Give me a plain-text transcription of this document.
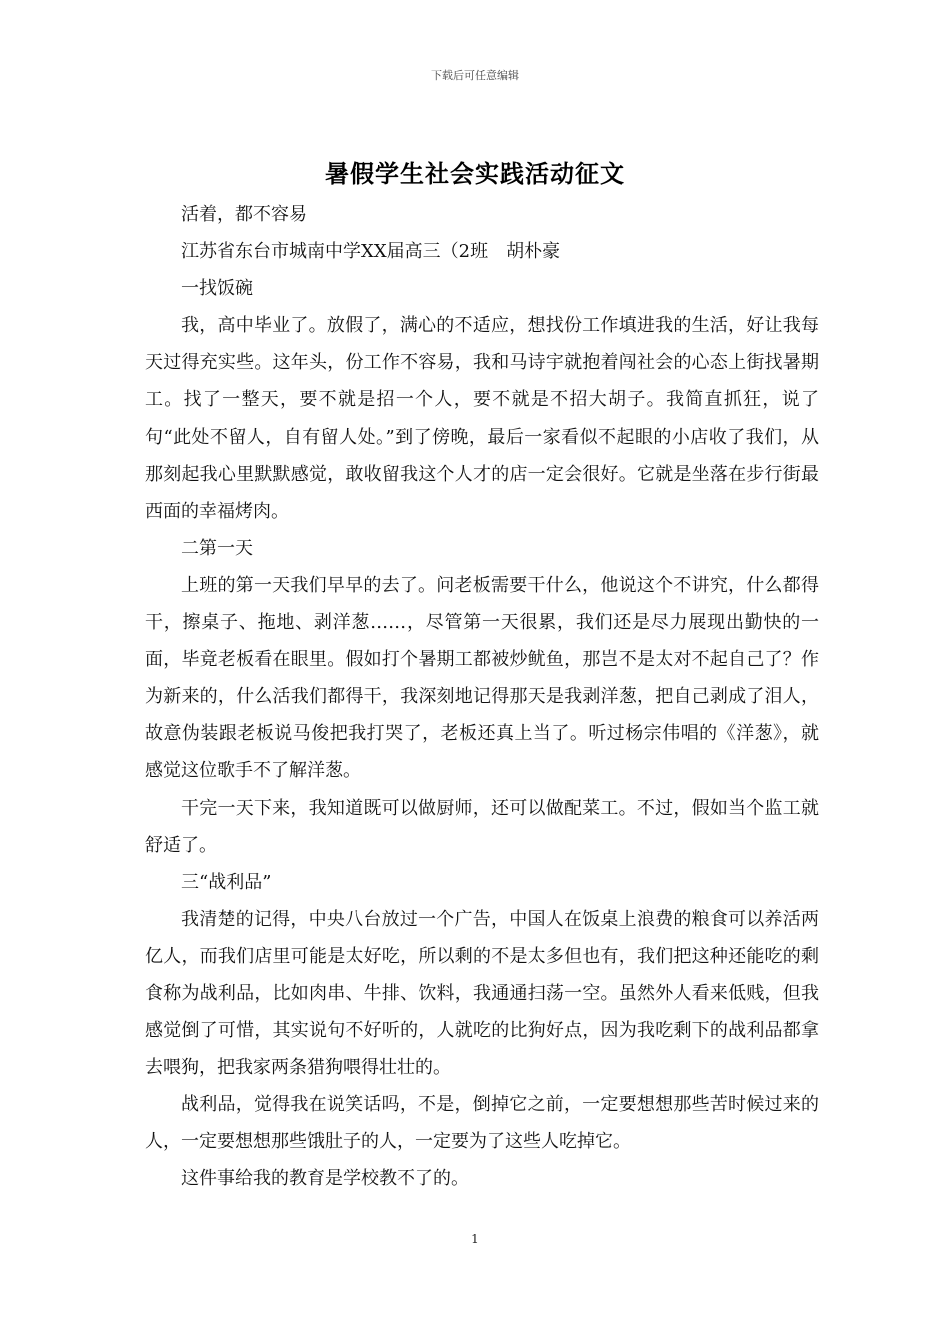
下载后可任意编辑
暑假学生社会实践活动征文

活着，都不容易

江苏省东台市城南中学XX届高三（2班　胡朴豪

一找饭碗

我，高中毕业了。放假了，满心的不适应，想找份工作填进我的生活，好让我每天过得充实些。这年头，份工作不容易，我和马诗宇就抱着闯社会的心态上街找暑期工。找了一整天，要不就是招一个人，要不就是不招大胡子。我简直抓狂，说了句“此处不留人，自有留人处。”到了傍晚，最后一家看似不起眼的小店收了我们，从那刻起我心里默默感觉，敢收留我这个人才的店一定会很好。它就是坐落在步行街最西面的幸福烤肉。

二第一天

上班的第一天我们早早的去了。问老板需要干什么，他说这个不讲究，什么都得干，擦桌子、拖地、剥洋葱……，尽管第一天很累，我们还是尽力展现出勤快的一面，毕竟老板看在眼里。假如打个暑期工都被炒鱿鱼，那岂不是太对不起自己了？作为新来的，什么活我们都得干，我深刻地记得那天是我剥洋葱，把自己剥成了泪人，故意伪装跟老板说马俊把我打哭了，老板还真上当了。听过杨宗伟唱的《洋葱》，就感觉这位歌手不了解洋葱。

干完一天下来，我知道既可以做厨师，还可以做配菜工。不过，假如当个监工就舒适了。

三“战利品”

我清楚的记得，中央八台放过一个广告，中国人在饭桌上浪费的粮食可以养活两亿人，而我们店里可能是太好吃，所以剩的不是太多但也有，我们把这种还能吃的剩食称为战利品，比如肉串、牛排、饮料，我通通扫荡一空。虽然外人看来低贱，但我感觉倒了可惜，其实说句不好听的，人就吃的比狗好点，因为我吃剩下的战利品都拿去喂狗，把我家两条猎狗喂得壮壮的。

战利品，觉得我在说笑话吗，不是，倒掉它之前，一定要想想那些苦时候过来的人，一定要想想那些饿肚子的人，一定要为了这些人吃掉它。

这件事给我的教育是学校教不了的。

1
